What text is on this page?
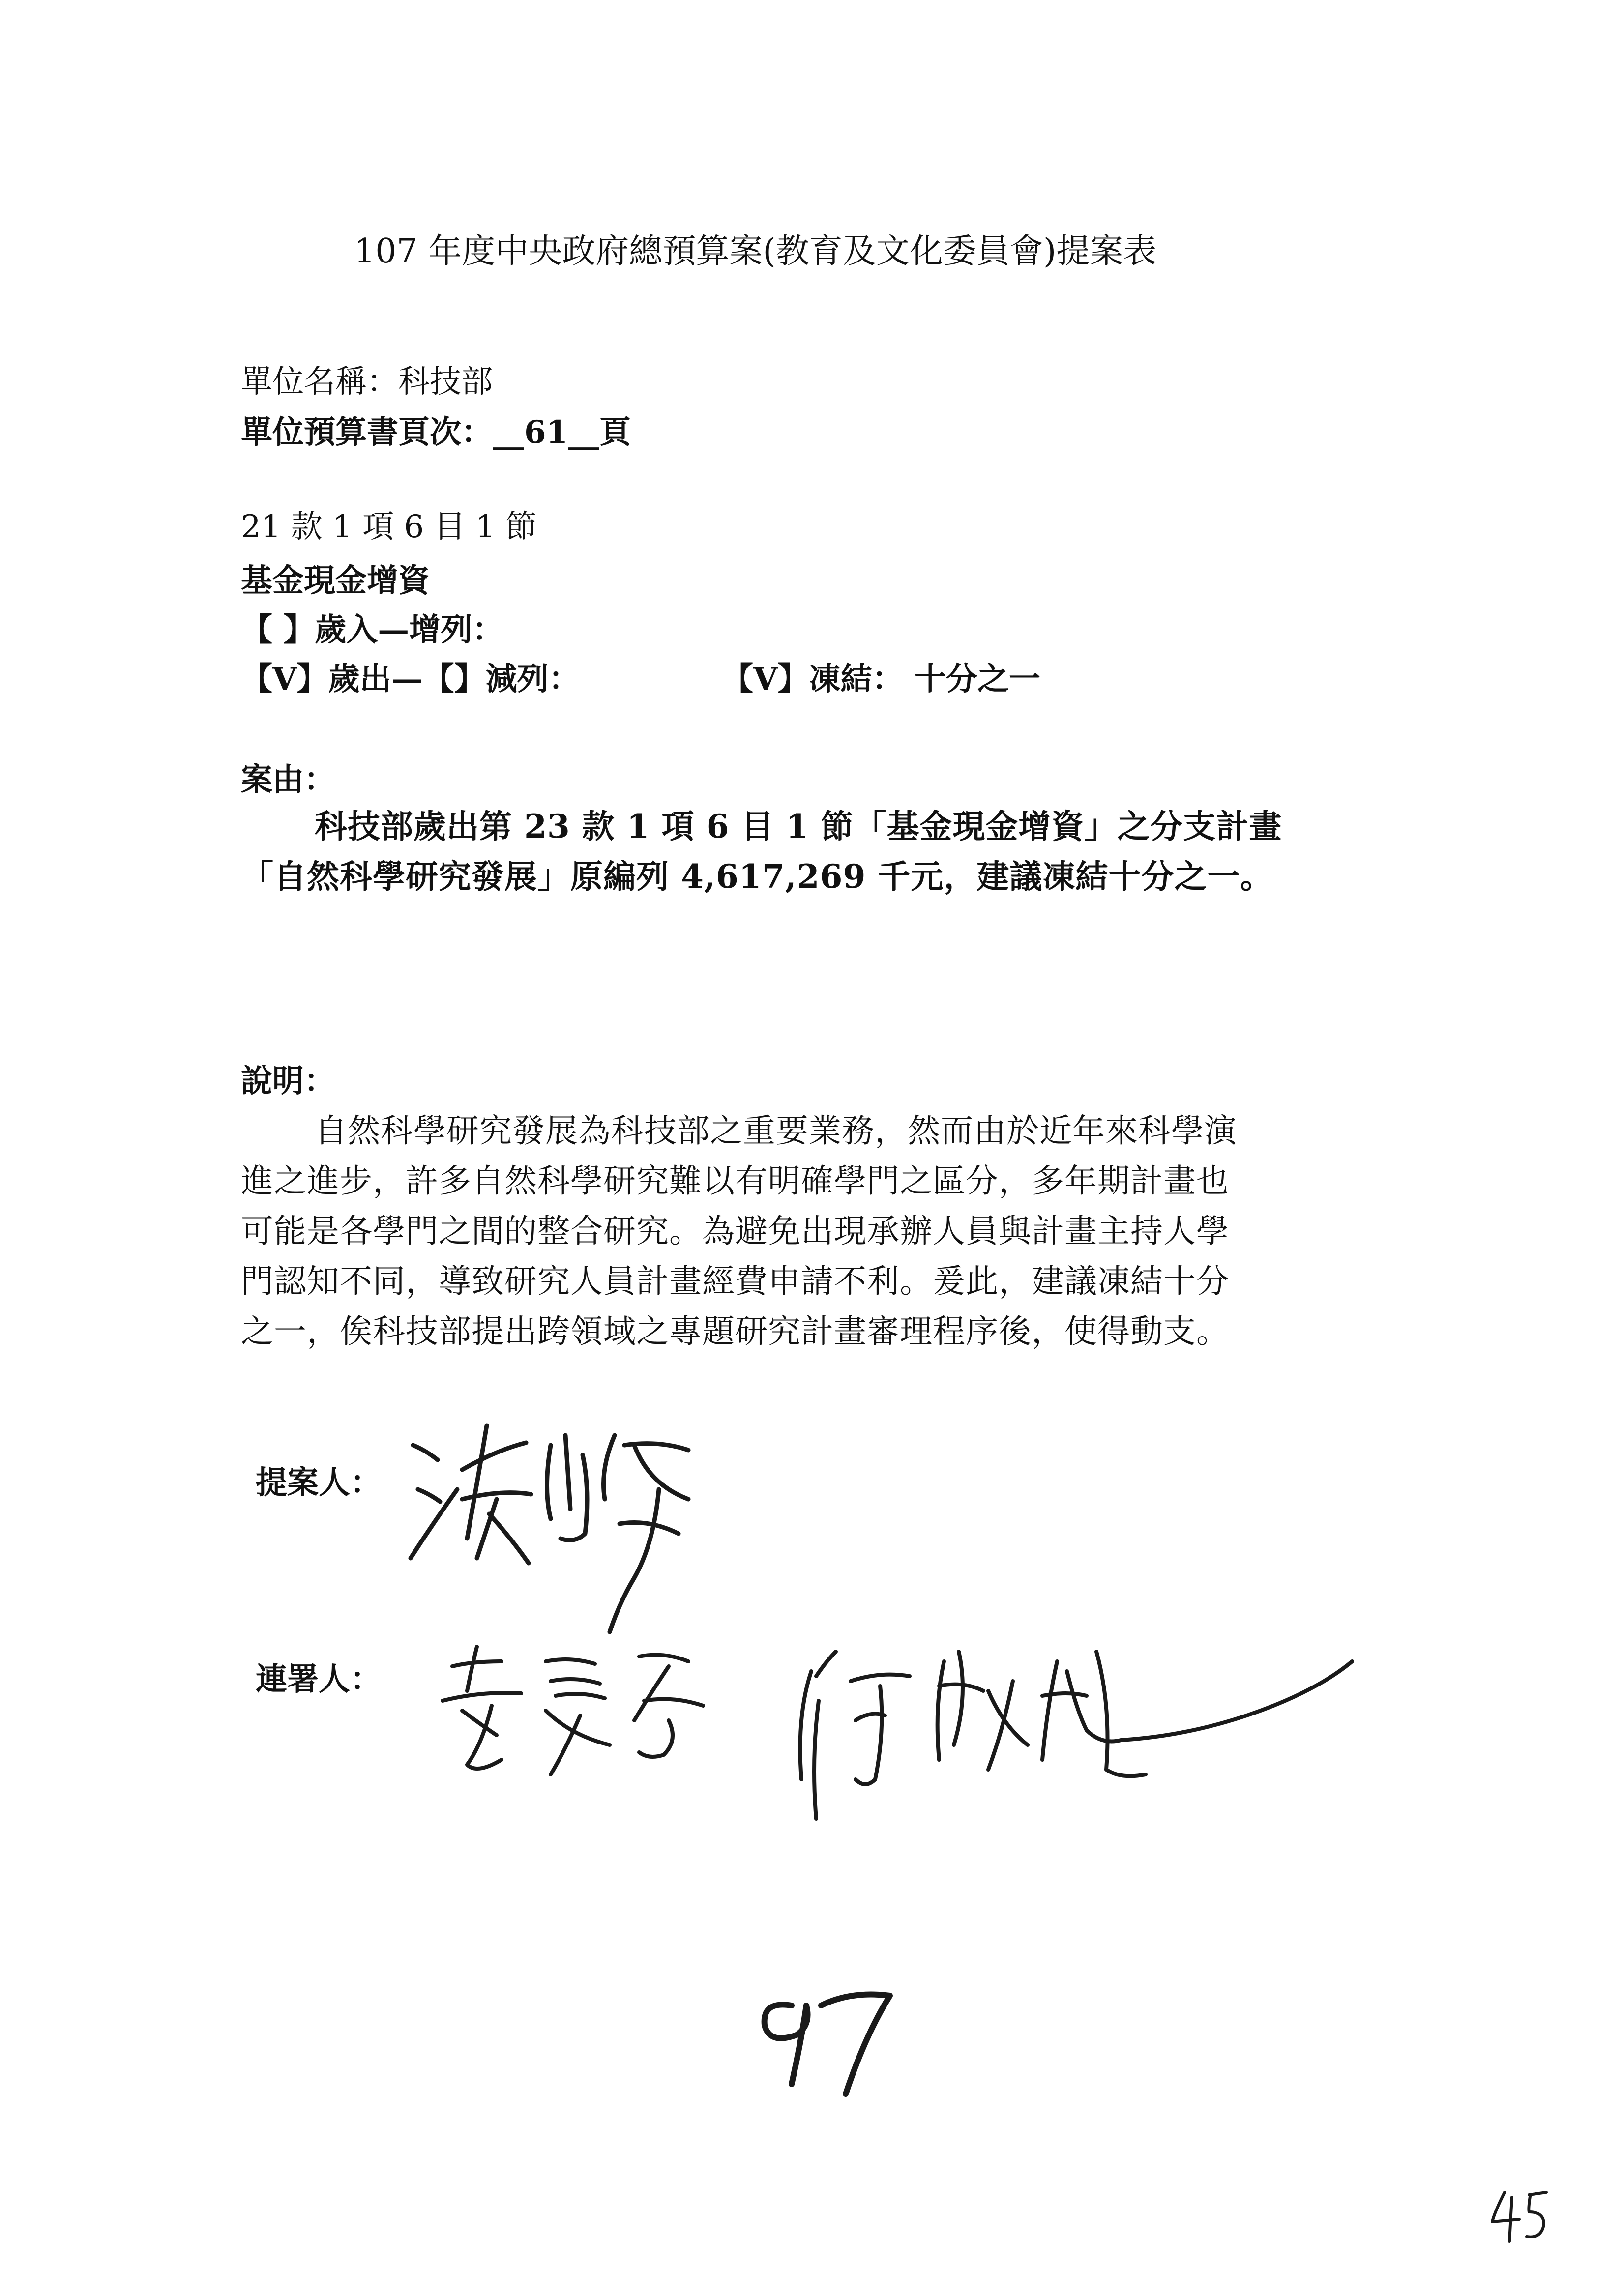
107 年度中央政府總預算案(教育及文化委員會)提案表
單位名稱：科技部
單位預算書頁次：__61__頁
21 款 1 項 6 目 1 節
基金現金增資
【 】歲入—增列：
【V】歲出—【】減列：	【V】凍結： 十分之一
案由：
科技部歲出第 23 款 1 項 6 目 1 節「基金現金增資」之分支計畫
「自然科學研究發展」原編列 4,617,269 千元，建議凍結十分之一。
說明：
自然科學研究發展為科技部之重要業務，然而由於近年來科學演
進之進步，許多自然科學研究難以有明確學門之區分，多年期計畫也
可能是各學門之間的整合研究。為避免出現承辦人員與計畫主持人學
門認知不同，導致研究人員計畫經費申請不利。爰此，建議凍結十分
之一，俟科技部提出跨領域之專題研究計畫審理程序後，使得動支。
提案人：
連署人：
